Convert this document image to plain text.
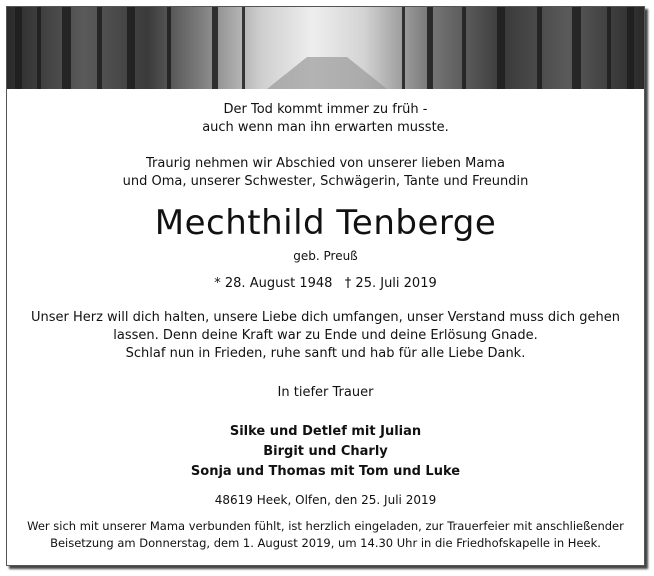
Der Tod kommt immer zu früh -
auch wenn man ihn erwarten musste.
Traurig nehmen wir Abschied von unserer lieben Mama
und Oma, unserer Schwester, Schwägerin, Tante und Freundin
Mechthild Tenberge
geb. Preuß
* 28. August 1948   † 25. Juli 2019
Unser Herz will dich halten, unsere Liebe dich umfangen, unser Verstand muss dich gehen
lassen. Denn deine Kraft war zu Ende und deine Erlösung Gnade.
Schlaf nun in Frieden, ruhe sanft und hab für alle Liebe Dank.
In tiefer Trauer
Silke und Detlef mit Julian
Birgit und Charly
Sonja und Thomas mit Tom und Luke
48619 Heek, Olfen, den 25. Juli 2019
Wer sich mit unserer Mama verbunden fühlt, ist herzlich eingeladen, zur Trauerfeier mit anschließender
Beisetzung am Donnerstag, dem 1. August 2019, um 14.30 Uhr in die Friedhofskapelle in Heek.
